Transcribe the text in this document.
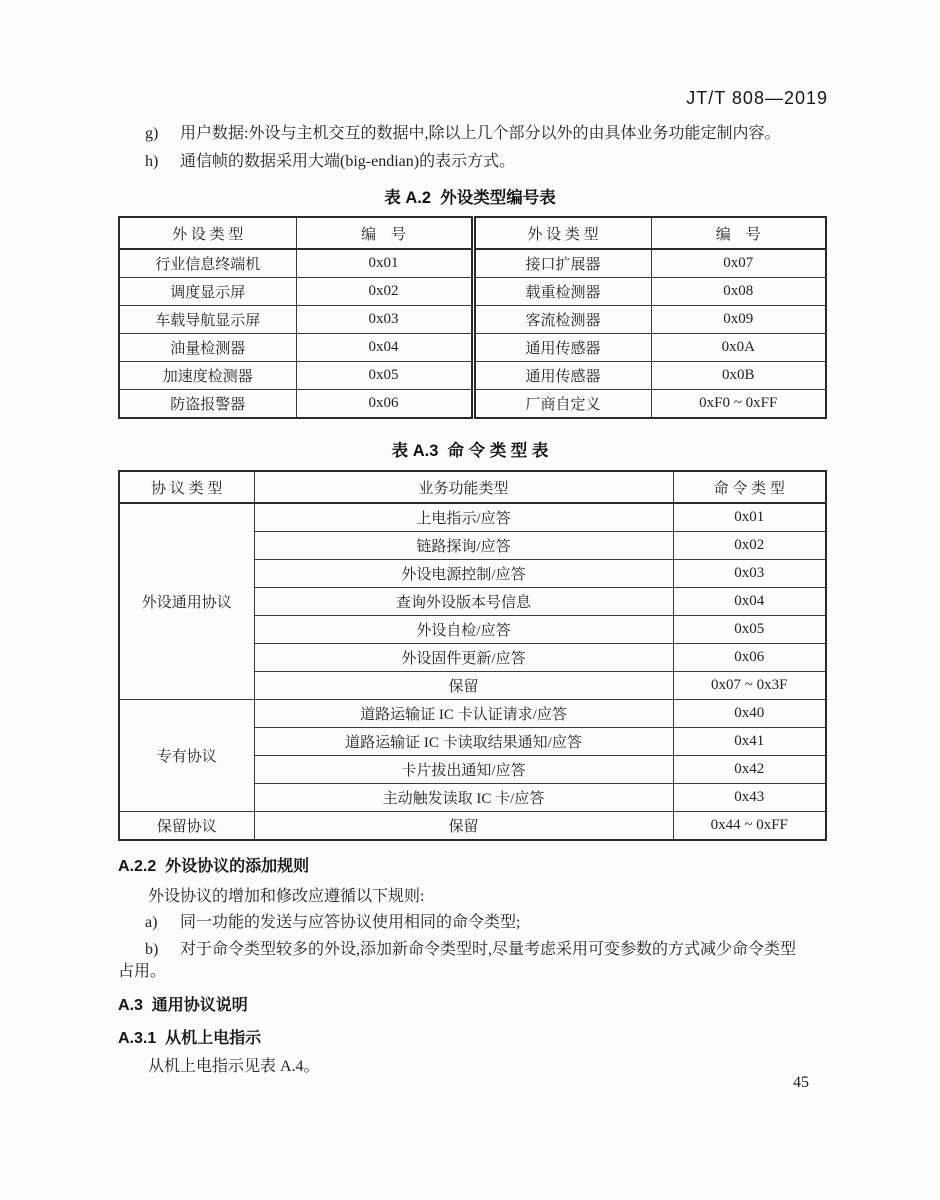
JT/T 808—2019
g) 用户数据:外设与主机交互的数据中,除以上几个部分以外的由具体业务功能定制内容。
h) 通信帧的数据采用大端(big-endian)的表示方式。
表 A.2  外设类型编号表
外 设 类 型	编    号	外 设 类 型	编    号
行业信息终端机	0x01	接口扩展器	0x07
调度显示屏	0x02	载重检测器	0x08
车载导航显示屏	0x03	客流检测器	0x09
油量检测器	0x04	通用传感器	0x0A
加速度检测器	0x05	通用传感器	0x0B
防盗报警器	0x06	厂商自定义	0xF0 ~ 0xFF
表 A.3  命 令 类 型 表
协 议 类 型	业务功能类型	命 令 类 型
外设通用协议	上电指示/应答	0x01
	链路探询/应答	0x02
	外设电源控制/应答	0x03
	查询外设版本号信息	0x04
	外设自检/应答	0x05
	外设固件更新/应答	0x06
	保留	0x07 ~ 0x3F
专有协议	道路运输证 IC 卡认证请求/应答	0x40
	道路运输证 IC 卡读取结果通知/应答	0x41
	卡片拔出通知/应答	0x42
	主动触发读取 IC 卡/应答	0x43
保留协议	保留	0x44 ~ 0xFF
A.2.2  外设协议的添加规则
外设协议的增加和修改应遵循以下规则:
a) 同一功能的发送与应答协议使用相同的命令类型;
b) 对于命令类型较多的外设,添加新命令类型时,尽量考虑采用可变参数的方式减少命令类型
占用。
A.3  通用协议说明
A.3.1  从机上电指示
从机上电指示见表 A.4。
45
